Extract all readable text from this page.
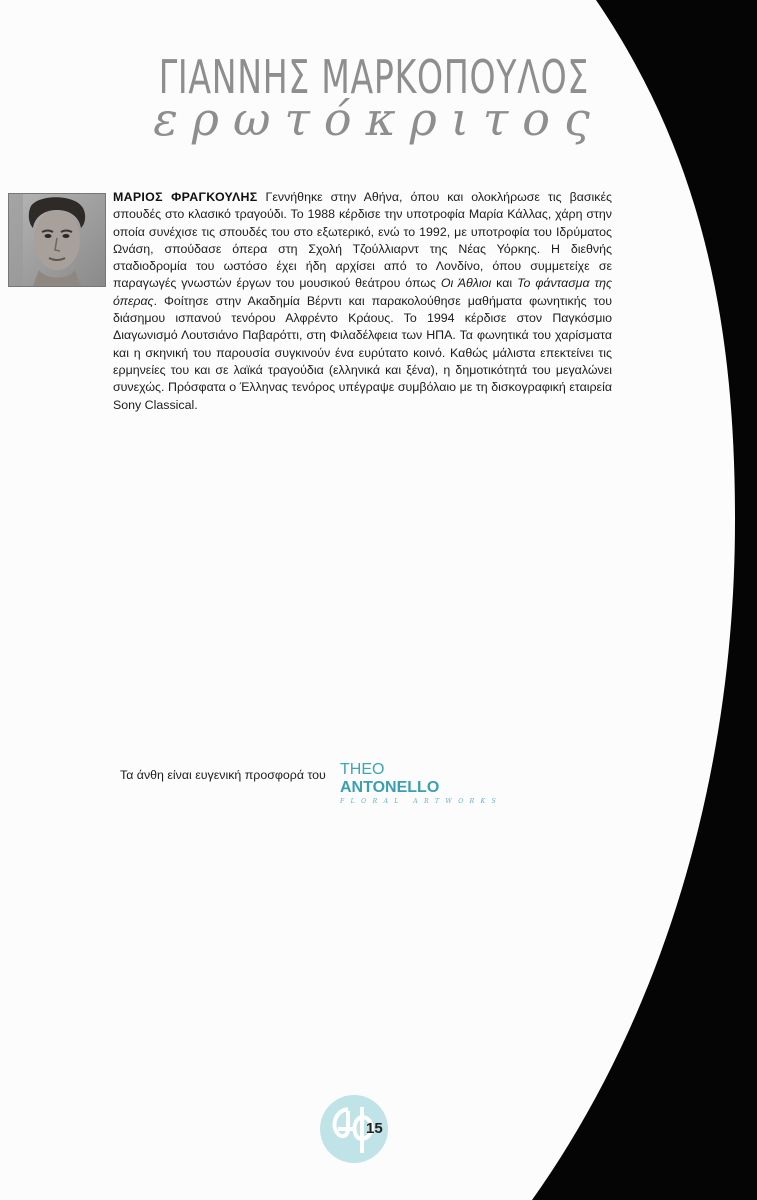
ΓΙΑΝΝΗΣ ΜΑΡΚΟΠΟΥΛΟΣ
ερωτόκριτος
ΜΑΡΙΟΣ ΦΡΑΓΚΟΥΛΗΣ Γεννήθηκε στην Αθήνα, όπου και ολοκλήρωσε τις βασικές σπουδές στο κλασικό τραγούδι. Το 1988 κέρδισε την υποτροφία Μαρία Κάλλας, χάρη στην οποία συνέχισε τις σπουδές του στο εξωτερικό, ενώ το 1992, με υποτροφία του Ιδρύματος Ωνάση, σπούδασε όπερα στη Σχολή Τζούλλιαρντ της Νέας Υόρκης. Η διεθνής σταδιοδρομία του ωστόσο έχει ήδη αρχίσει από το Λονδίνο, όπου συμμετείχε σε παραγωγές γνωστών έργων του μουσικού θεάτρου όπως Οι Άθλιοι και Το φάντασμα της όπερας. Φοίτησε στην Ακαδημία Βέρντι και παρακολούθησε μαθήματα φωνητικής του διάσημου ισπανού τενόρου Αλφρέντο Κράους. Το 1994 κέρδισε στον Παγκόσμιο Διαγωνισμό Λουτσιάνο Παβαρόττι, στη Φιλαδέλφεια των ΗΠΑ. Τα φωνητικά του χαρίσματα και η σκηνική του παρουσία συγκινούν ένα ευρύτατο κοινό. Καθώς μάλιστα επεκτείνει τις ερμηνείες του και σε λαϊκά τραγούδια (ελληνικά και ξένα), η δημοτικότητά του μεγαλώνει συνεχώς. Πρόσφατα ο Έλληνας τενόρος υπέγραψε συμβόλαιο με τη δισκογραφική εταιρεία Sony Classical.
Τα άνθη είναι ευγενική προσφορά του THEO ANTONELLO
FLORAL ARTWORKS
15
